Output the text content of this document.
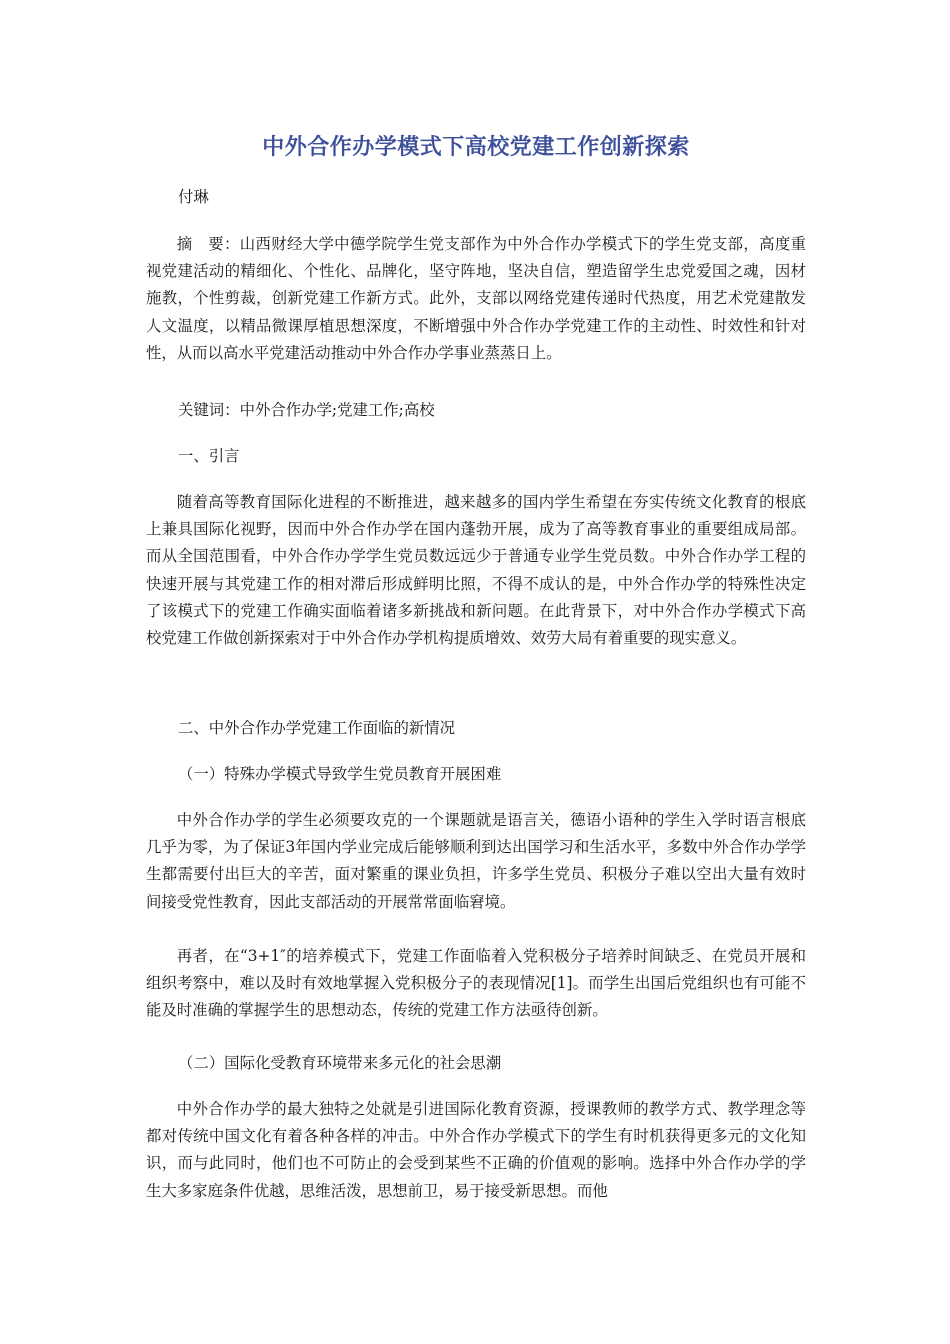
中外合作办学模式下高校党建工作创新探索
付琳
摘　要：山西财经大学中德学院学生党支部作为中外合作办学模式下的学生党支部，高度重视党建活动的精细化、个性化、品牌化，坚守阵地，坚决自信，塑造留学生忠党爱国之魂，因材施教，个性剪裁，创新党建工作新方式。此外，支部以网络党建传递时代热度，用艺术党建散发人文温度，以精品微课厚植思想深度，不断增强中外合作办学党建工作的主动性、时效性和针对性，从而以高水平党建活动推动中外合作办学事业蒸蒸日上。
关键词：中外合作办学;党建工作;高校
一、引言
随着高等教育国际化进程的不断推进，越来越多的国内学生希望在夯实传统文化教育的根底上兼具国际化视野，因而中外合作办学在国内蓬勃开展，成为了高等教育事业的重要组成局部。而从全国范围看，中外合作办学学生党员数远远少于普通专业学生党员数。中外合作办学工程的快速开展与其党建工作的相对滞后形成鲜明比照，不得不成认的是，中外合作办学的特殊性决定了该模式下的党建工作确实面临着诸多新挑战和新问题。在此背景下，对中外合作办学模式下高校党建工作做创新探索对于中外合作办学机构提质增效、效劳大局有着重要的现实意义。
二、中外合作办学党建工作面临的新情况
（一）特殊办学模式导致学生党员教育开展困难
中外合作办学的学生必须要攻克的一个课题就是语言关，德语小语种的学生入学时语言根底几乎为零，为了保证3年国内学业完成后能够顺利到达出国学习和生活水平，多数中外合作办学学生都需要付出巨大的辛苦，面对繁重的课业负担，许多学生党员、积极分子难以空出大量有效时间接受党性教育，因此支部活动的开展常常面临窘境。
再者，在“3+1″的培养模式下，党建工作面临着入党积极分子培养时间缺乏、在党员开展和组织考察中，难以及时有效地掌握入党积极分子的表现情况[1]。而学生出国后党组织也有可能不能及时准确的掌握学生的思想动态，传统的党建工作方法亟待创新。
（二）国际化受教育环境带来多元化的社会思潮
中外合作办学的最大独特之处就是引进国际化教育资源，授课教师的教学方式、教学理念等都对传统中国文化有着各种各样的冲击。中外合作办学模式下的学生有时机获得更多元的文化知识，而与此同时，他们也不可防止的会受到某些不正确的价值观的影响。选择中外合作办学的学生大多家庭条件优越，思维活泼，思想前卫，易于接受新思想。而他
